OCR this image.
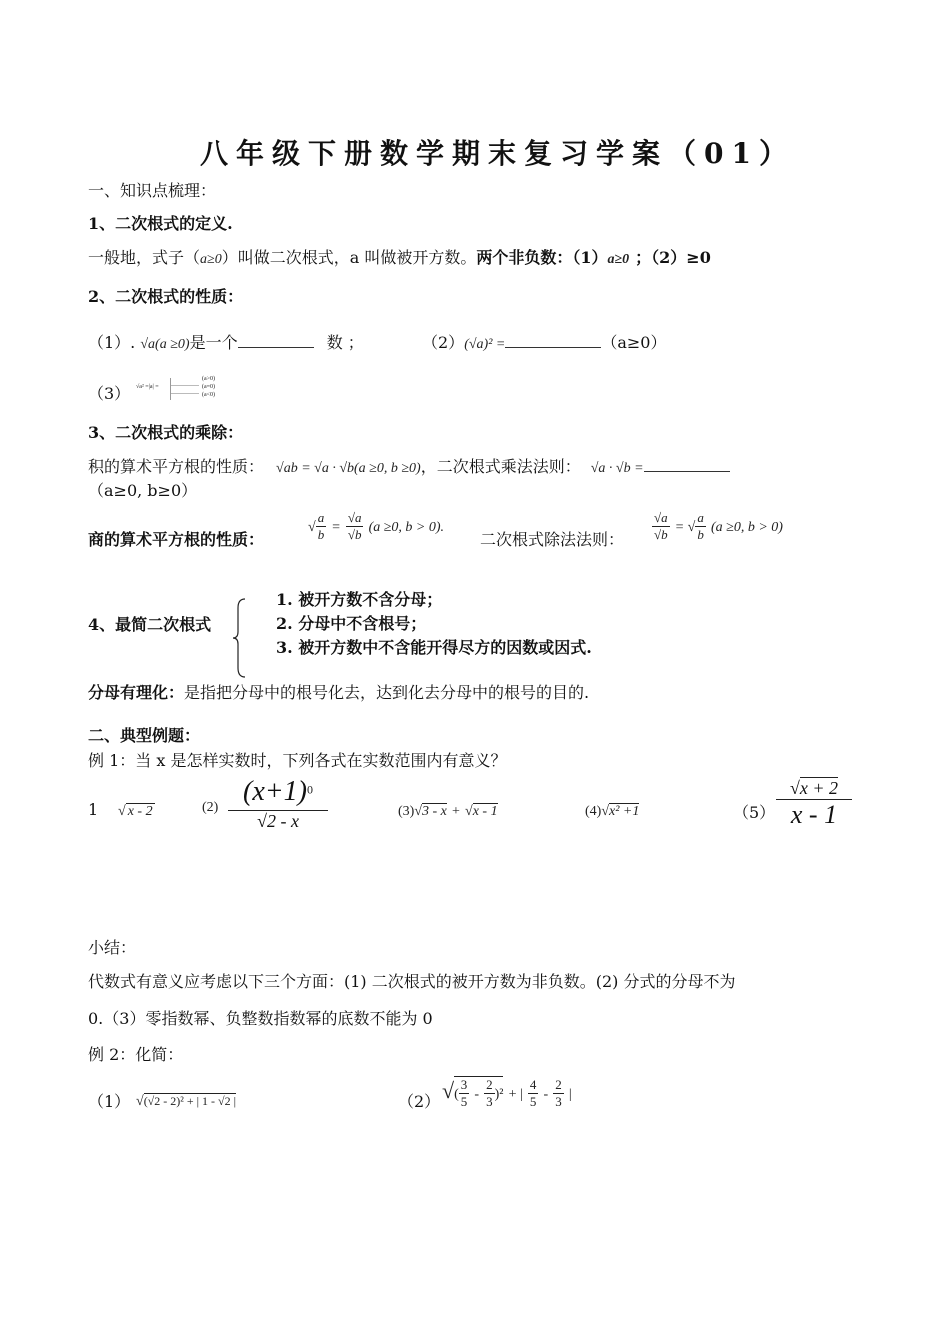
八年级下册数学期末复习学案（01）
一、知识点梳理：
1、二次根式的定义.
一般地，式子（a≥0）叫做二次根式，a 叫做被开方数。两个非负数：（1）a≥0 ；（2）≥0
2、二次根式的性质：
（1）. √a(a ≥0)是一个	数 ；	（2）(√a)² =	（a≥0）
（3） √a² =|a| =
(a>0)
(a=0)
(a<0)
3、二次根式的乘除：
积的算术平方根的性质： √ab = √a · √b(a ≥0, b ≥0)，二次根式乘法法则： √a · √b =
（a≥0, b≥0）
商的算术平方根的性质：
√ $\frac{a}{b} = \frac{√a}{√b} (a \ge 0$, b > 0).
二次根式除法法则： $\frac{√a}{√b}$ = √ $\frac{a}{b} (a \ge 0$, b > 0)
4、最简二次根式
1. 被开方数不含分母；
2. 分母中不含根号；
3. 被开方数中不含能开得尽方的因数或因式.
分母有理化：是指把分母中的根号化去，达到化去分母中的根号的目的.
二、典型例题：
例 1：当 x 是怎样实数时，下列各式在实数范围内有意义？
1 √ x - 2	(2)
$(x+1)^0$
√2 - x	(3)√3 - x + √x - 1	(4)√x² +1	（5）
√x + 2
x - 1
小结：
代数式有意义应考虑以下三个方面：(1) 二次根式的被开方数为非负数。(2) 分式的分母不为
0.（3）零指数幂、负整数指数幂的底数不能为 0
例 2：化简：
（1） √(√2 - 2)² + | 1 - √2 |	（2） √( $\frac{3}{5} - \frac{2}{3} )^2$ + | $\frac{4}{5} - \frac{2}{3}$ |
